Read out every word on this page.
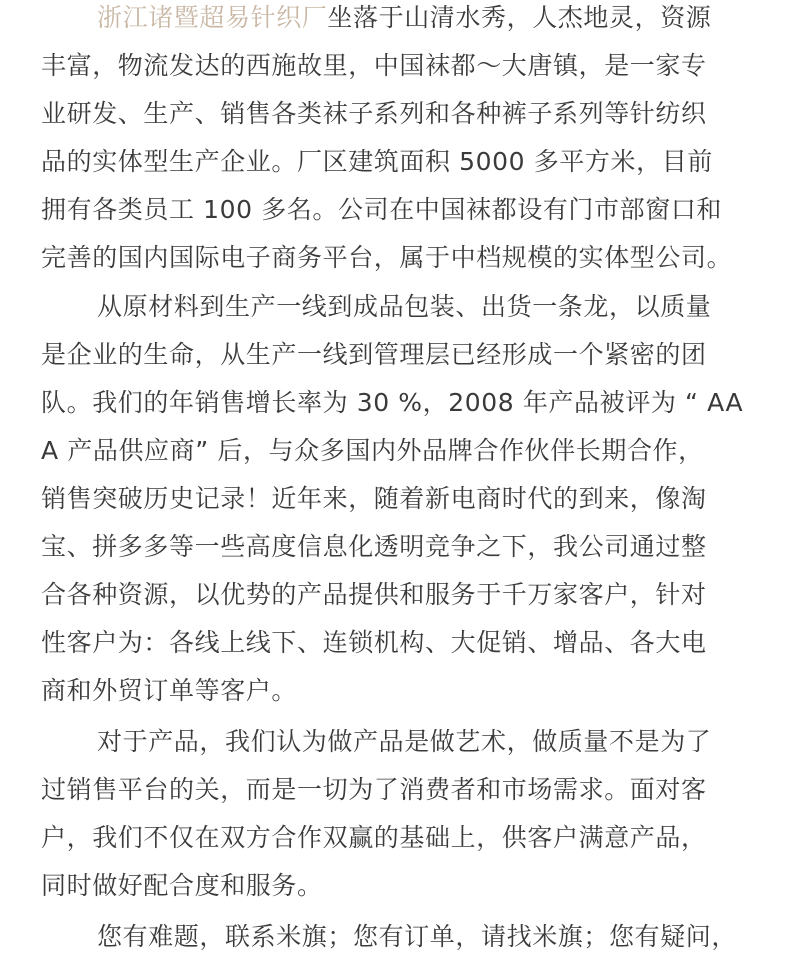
浙江诸暨超易针织厂坐落于山清水秀，人杰地灵，资源
丰富，物流发达的西施故里，中国袜都～大唐镇，是一家专
业研发、生产、销售各类袜子系列和各种裤子系列等针纺织
品的实体型生产企业。厂区建筑面积 5000 多平方米，目前
拥有各类员工 100 多名。公司在中国袜都设有门市部窗口和
完善的国内国际电子商务平台，属于中档规模的实体型公司。
从原材料到生产一线到成品包装、出货一条龙，以质量
是企业的生命，从生产一线到管理层已经形成一个紧密的团
队。我们的年销售增长率为 30 %，2008 年产品被评为 “ AA
A 产品供应商” 后，与众多国内外品牌合作伙伴长期合作，
销售突破历史记录！近年来，随着新电商时代的到来，像淘
宝、拼多多等一些高度信息化透明竞争之下，我公司通过整
合各种资源，以优势的产品提供和服务于千万家客户，针对
性客户为：各线上线下、连锁机构、大促销、增品、各大电
商和外贸订单等客户。
对于产品，我们认为做产品是做艺术，做质量不是为了
过销售平台的关，而是一切为了消费者和市场需求。面对客
户，我们不仅在双方合作双赢的基础上，供客户满意产品，
同时做好配合度和服务。
您有难题，联系米旗；您有订单，请找米旗；您有疑问，
